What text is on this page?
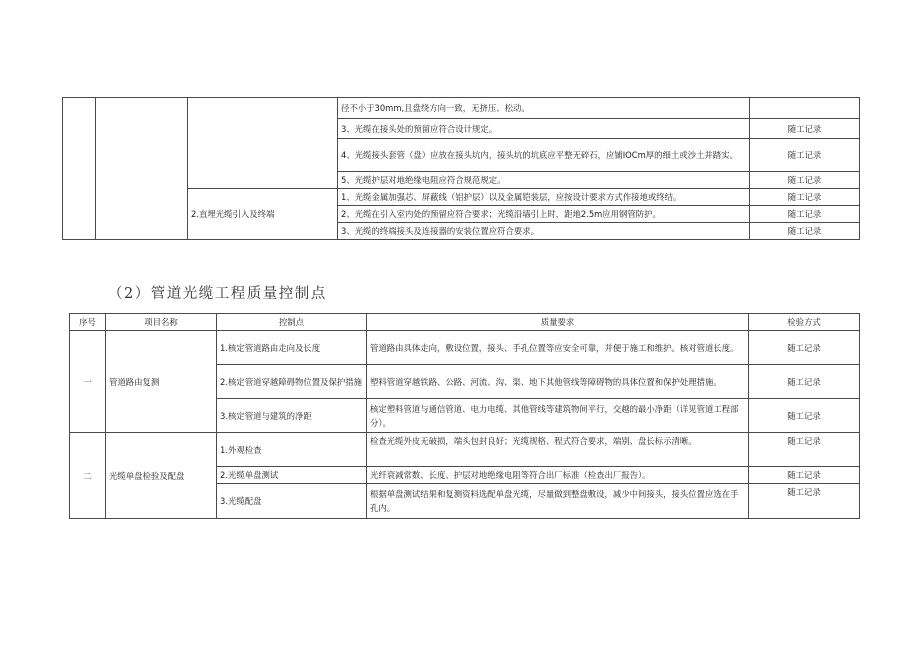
			径不小于30mm,且盘绕方向一致，无挤压、松动。	
			3、光缆在接头处的预留应符合设计规定。	随工记录
			4、光缆接头套管（盘）应放在接头坑内，接头坑的坑底应平整无碎石，应铺IOCm厚的细土或沙土并踏实。	随工记录
			5、光缆护层对地绝缘电阻应符合规范规定。	随工记录
		2.直埋光缆引入及终端	1、光缆金属加强芯、屏蔽线（铝护层）以及金属铠装层，应按设计要求方式作接地或终结。	随工记录
			2、光缆在引入室内处的预留应符合要求；光缆沿墙引上时，距地2.5m应用钢管防护。	随工记录
			3、光缆的终端接头及连接器的安装位置应符合要求。	随工记录
（2）管道光缆工程质量控制点
序号	项目名称	控制点	质量要求	检验方式
一	管道路由复测	1.核定管道路由走向及长度	管道路由具体走向，敷设位置，接头、手孔位置等应安全可靠，并便于施工和维护。核对管道长度。	随工记录
		2.核定管道穿越障碍物位置及保护措施	塑料管道穿越铁路、公路、河流、沟、渠、地下其他管线等障碍物的具体位置和保护处理措施。	随工记录
		3.核定管道与建筑的净距	核定塑料管道与通信管道、电力电缆、其他管线等建筑物间平行，交越的最小净距（详见管道工程部分）。	随工记录
二	光缆单盘检验及配盘	1.外观检查	检查光缆外皮无破损，端头包封良好；光缆规格、程式符合要求，端别、盘长标示清晰。	随工记录
		2.光缆单盘测试	光纤衰减常数、长度、护层对地绝缘电阻等符合出厂标准（检查出厂报告）。	随工记录
		3.光缆配盘	根据单盘测试结果和复测资料选配单盘光缆，尽量做到整盘敷设，减少中间接头，接头位置应选在手孔内。	随工记录
